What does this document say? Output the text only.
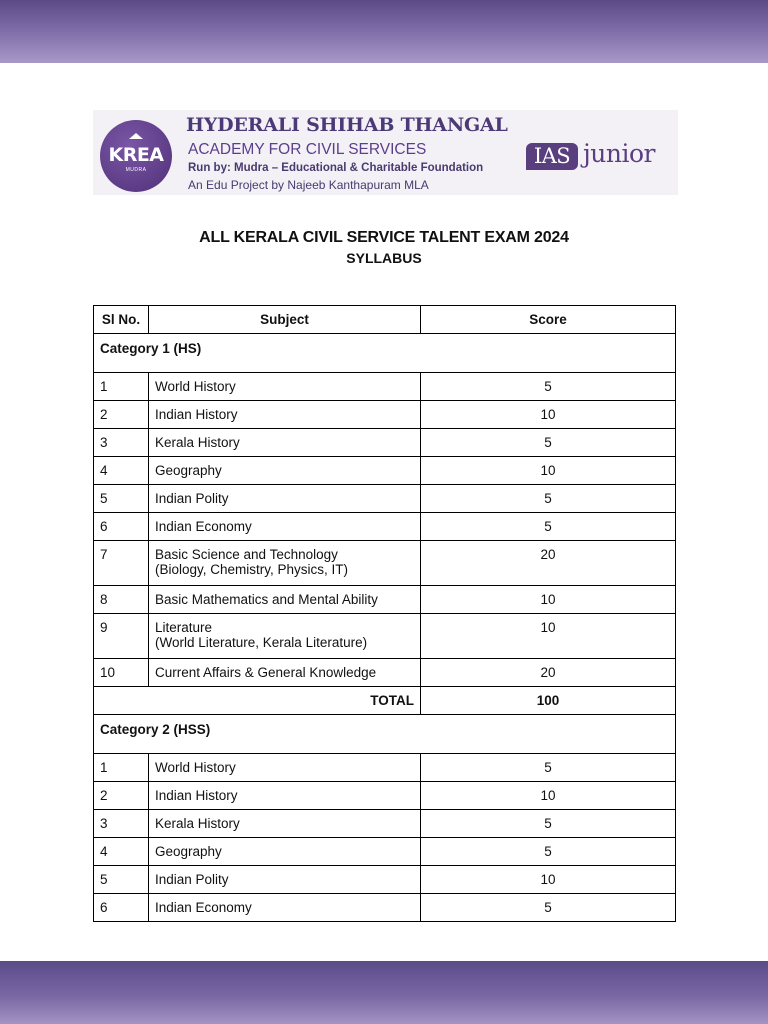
KREA
MUDRA
HYDERALI SHIHAB THANGAL
ACADEMY FOR CIVIL SERVICES
Run by: Mudra – Educational & Charitable Foundation
An Edu Project by Najeeb Kanthapuram MLA
IAS junior
ALL KERALA CIVIL SERVICE TALENT EXAM 2024
SYLLABUS
Sl No.	Subject	Score
Category 1 (HS)		
1	World History	5
2	Indian History	10
3	Kerala History	5
4	Geography	10
5	Indian Polity	5
6	Indian Economy	5
7	Basic Science and Technology
(Biology, Chemistry, Physics, IT)	20
8	Basic Mathematics and Mental Ability	10
9	Literature
(World Literature, Kerala Literature)	10
10	Current Affairs & General Knowledge	20
TOTAL		100
Category 2 (HSS)		
1	World History	5
2	Indian History	10
3	Kerala History	5
4	Geography	5
5	Indian Polity	10
6	Indian Economy	5
